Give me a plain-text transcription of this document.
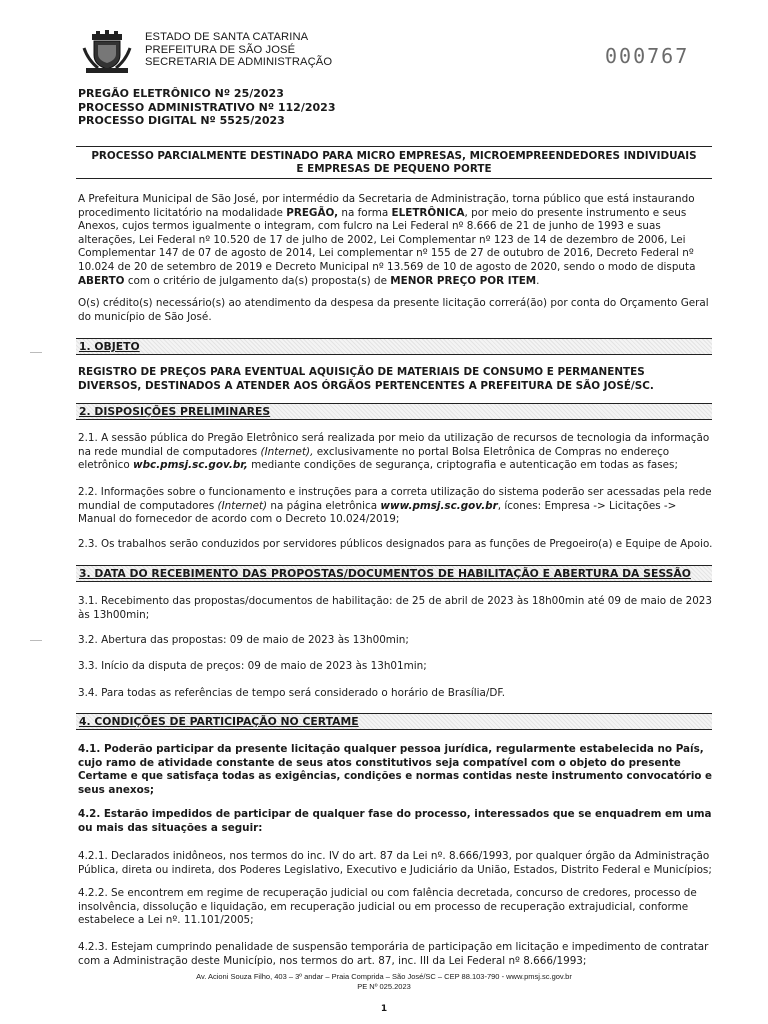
ESTADO DE SANTA CATARINA
PREFEITURA DE SÃO JOSÉ
SECRETARIA DE ADMINISTRAÇÃO	000767
PREGÃO ELETRÔNICO Nº 25/2023
PROCESSO ADMINISTRATIVO Nº 112/2023
PROCESSO DIGITAL Nº 5525/2023
PROCESSO PARCIALMENTE DESTINADO PARA MICRO EMPRESAS, MICROEMPREENDEDORES INDIVIDUAIS
E EMPRESAS DE PEQUENO PORTE
A Prefeitura Municipal de São José, por intermédio da Secretaria de Administração, torna público que está instaurando
procedimento licitatório na modalidade PREGÃO, na forma ELETRÔNICA, por meio do presente instrumento e seus
Anexos, cujos termos igualmente o integram, com fulcro na Lei Federal nº 8.666 de 21 de junho de 1993 e suas
alterações, Lei Federal nº 10.520 de 17 de julho de 2002, Lei Complementar nº 123 de 14 de dezembro de 2006, Lei
Complementar 147 de 07 de agosto de 2014, Lei complementar nº 155 de 27 de outubro de 2016, Decreto Federal nº
10.024 de 20 de setembro de 2019 e Decreto Municipal nº 13.569 de 10 de agosto de 2020, sendo o modo de disputa
ABERTO com o critério de julgamento da(s) proposta(s) de MENOR PREÇO POR ITEM.
O(s) crédito(s) necessário(s) ao atendimento da despesa da presente licitação correrá(ão) por conta do Orçamento Geral
do município de São José.
1. OBJETO
REGISTRO DE PREÇOS PARA EVENTUAL AQUISIÇÃO DE MATERIAIS DE CONSUMO E PERMANENTES
DIVERSOS, DESTINADOS A ATENDER AOS ÓRGÃOS PERTENCENTES A PREFEITURA DE SÃO JOSÉ/SC.
2. DISPOSIÇÕES PRELIMINARES
2.1. A sessão pública do Pregão Eletrônico será realizada por meio da utilização de recursos de tecnologia da informação
na rede mundial de computadores (Internet), exclusivamente no portal Bolsa Eletrônica de Compras no endereço
eletrônico wbc.pmsj.sc.gov.br, mediante condições de segurança, criptografia e autenticação em todas as fases;
2.2. Informações sobre o funcionamento e instruções para a correta utilização do sistema poderão ser acessadas pela rede
mundial de computadores (Internet) na página eletrônica www.pmsj.sc.gov.br, ícones: Empresa -> Licitações ->
Manual do fornecedor de acordo com o Decreto 10.024/2019;
2.3. Os trabalhos serão conduzidos por servidores públicos designados para as funções de Pregoeiro(a) e Equipe de Apoio.
3. DATA DO RECEBIMENTO DAS PROPOSTAS/DOCUMENTOS DE HABILITAÇÃO E ABERTURA DA SESSÃO
3.1. Recebimento das propostas/documentos de habilitação: de 25 de abril de 2023 às 18h00min até 09 de maio de 2023
às 13h00min;
3.2. Abertura das propostas: 09 de maio de 2023 às 13h00min;
3.3. Início da disputa de preços: 09 de maio de 2023 às 13h01min;
3.4. Para todas as referências de tempo será considerado o horário de Brasília/DF.
4. CONDIÇÕES DE PARTICIPAÇÃO NO CERTAME
4.1. Poderão participar da presente licitação qualquer pessoa jurídica, regularmente estabelecida no País,
cujo ramo de atividade constante de seus atos constitutivos seja compatível com o objeto do presente
Certame e que satisfaça todas as exigências, condições e normas contidas neste instrumento convocatório e
seus anexos;
4.2. Estarão impedidos de participar de qualquer fase do processo, interessados que se enquadrem em uma
ou mais das situações a seguir:
4.2.1. Declarados inidôneos, nos termos do inc. IV do art. 87 da Lei nº. 8.666/1993, por qualquer órgão da Administração
Pública, direta ou indireta, dos Poderes Legislativo, Executivo e Judiciário da União, Estados, Distrito Federal e Municípios;
4.2.2. Se encontrem em regime de recuperação judicial ou com falência decretada, concurso de credores, processo de
insolvência, dissolução e liquidação, em recuperação judicial ou em processo de recuperação extrajudicial, conforme
estabelece a Lei nº. 11.101/2005;
4.2.3. Estejam cumprindo penalidade de suspensão temporária de participação em licitação e impedimento de contratar
com a Administração deste Município, nos termos do art. 87, inc. III da Lei Federal nº 8.666/1993;
Av. Acioni Souza Filho, 403 – 3º andar – Praia Comprida – São José/SC – CEP 88.103-790 - www.pmsj.sc.gov.br
PE Nº 025.2023
1
